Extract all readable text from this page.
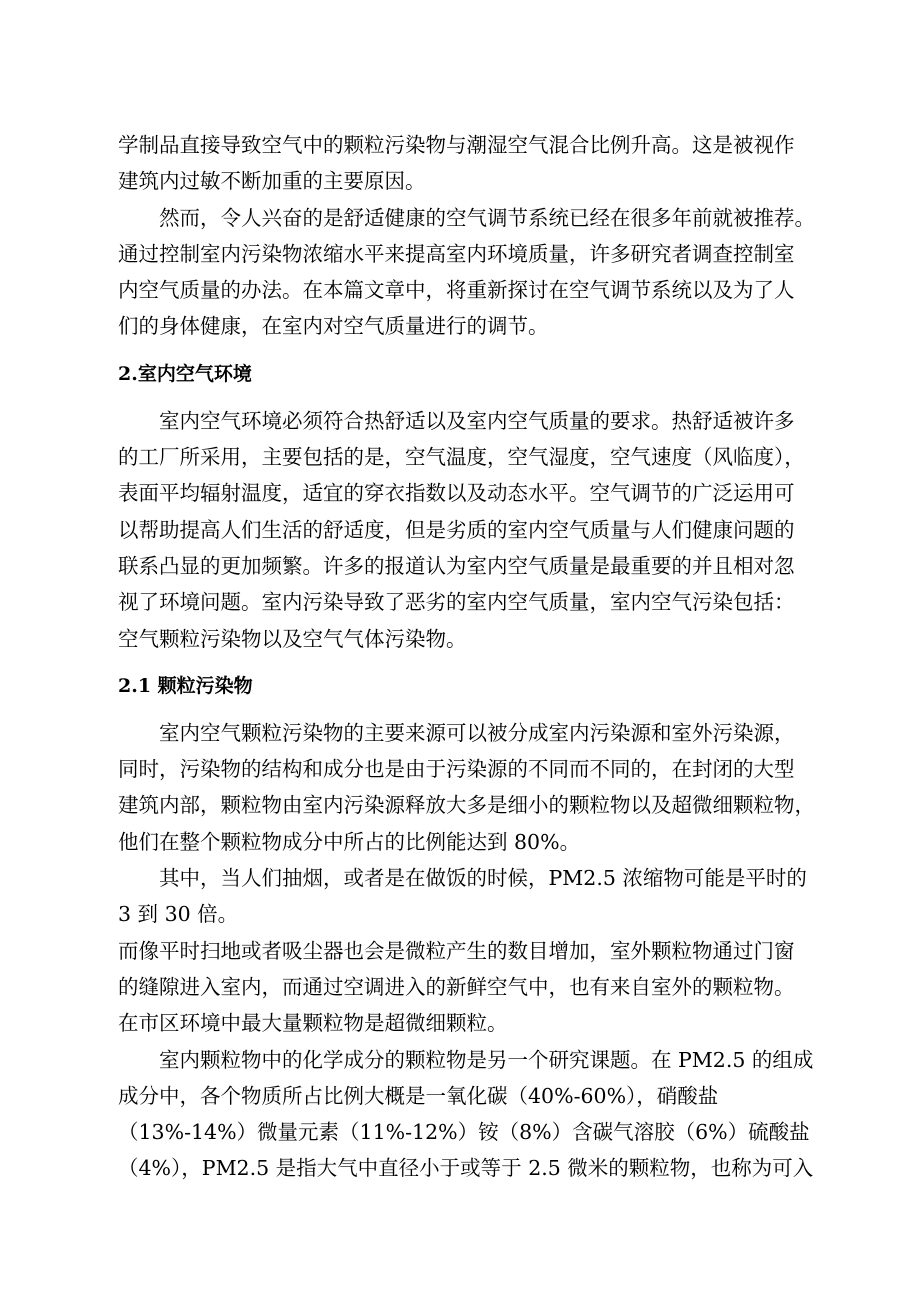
学制品直接导致空气中的颗粒污染物与潮湿空气混合比例升高。这是被视作
建筑内过敏不断加重的主要原因。

然而，令人兴奋的是舒适健康的空气调节系统已经在很多年前就被推荐。
通过控制室内污染物浓缩水平来提高室内环境质量，许多研究者调查控制室
内空气质量的办法。在本篇文章中，将重新探讨在空气调节系统以及为了人
们的身体健康，在室内对空气质量进行的调节。

2.室内空气环境

室内空气环境必须符合热舒适以及室内空气质量的要求。热舒适被许多
的工厂所采用，主要包括的是，空气温度，空气湿度，空气速度（风临度），
表面平均辐射温度，适宜的穿衣指数以及动态水平。空气调节的广泛运用可
以帮助提高人们生活的舒适度，但是劣质的室内空气质量与人们健康问题的
联系凸显的更加频繁。许多的报道认为室内空气质量是最重要的并且相对忽
视了环境问题。室内污染导致了恶劣的室内空气质量，室内空气污染包括：
空气颗粒污染物以及空气气体污染物。

2.1 颗粒污染物

室内空气颗粒污染物的主要来源可以被分成室内污染源和室外污染源，
同时，污染物的结构和成分也是由于污染源的不同而不同的，在封闭的大型
建筑内部，颗粒物由室内污染源释放大多是细小的颗粒物以及超微细颗粒物，
他们在整个颗粒物成分中所占的比例能达到 80%。

其中，当人们抽烟，或者是在做饭的时候，PM2.5 浓缩物可能是平时的
3 到 30 倍。

而像平时扫地或者吸尘器也会是微粒产生的数目增加，室外颗粒物通过门窗
的缝隙进入室内，而通过空调进入的新鲜空气中，也有来自室外的颗粒物。
在市区环境中最大量颗粒物是超微细颗粒。

室内颗粒物中的化学成分的颗粒物是另一个研究课题。在 PM2.5 的组成
成分中，各个物质所占比例大概是一氧化碳（40%-60%），硝酸盐
（13%-14%）微量元素（11%-12%）铵（8%）含碳气溶胶（6%）硫酸盐
（4%），PM2.5 是指大气中直径小于或等于 2.5 微米的颗粒物，也称为可入
